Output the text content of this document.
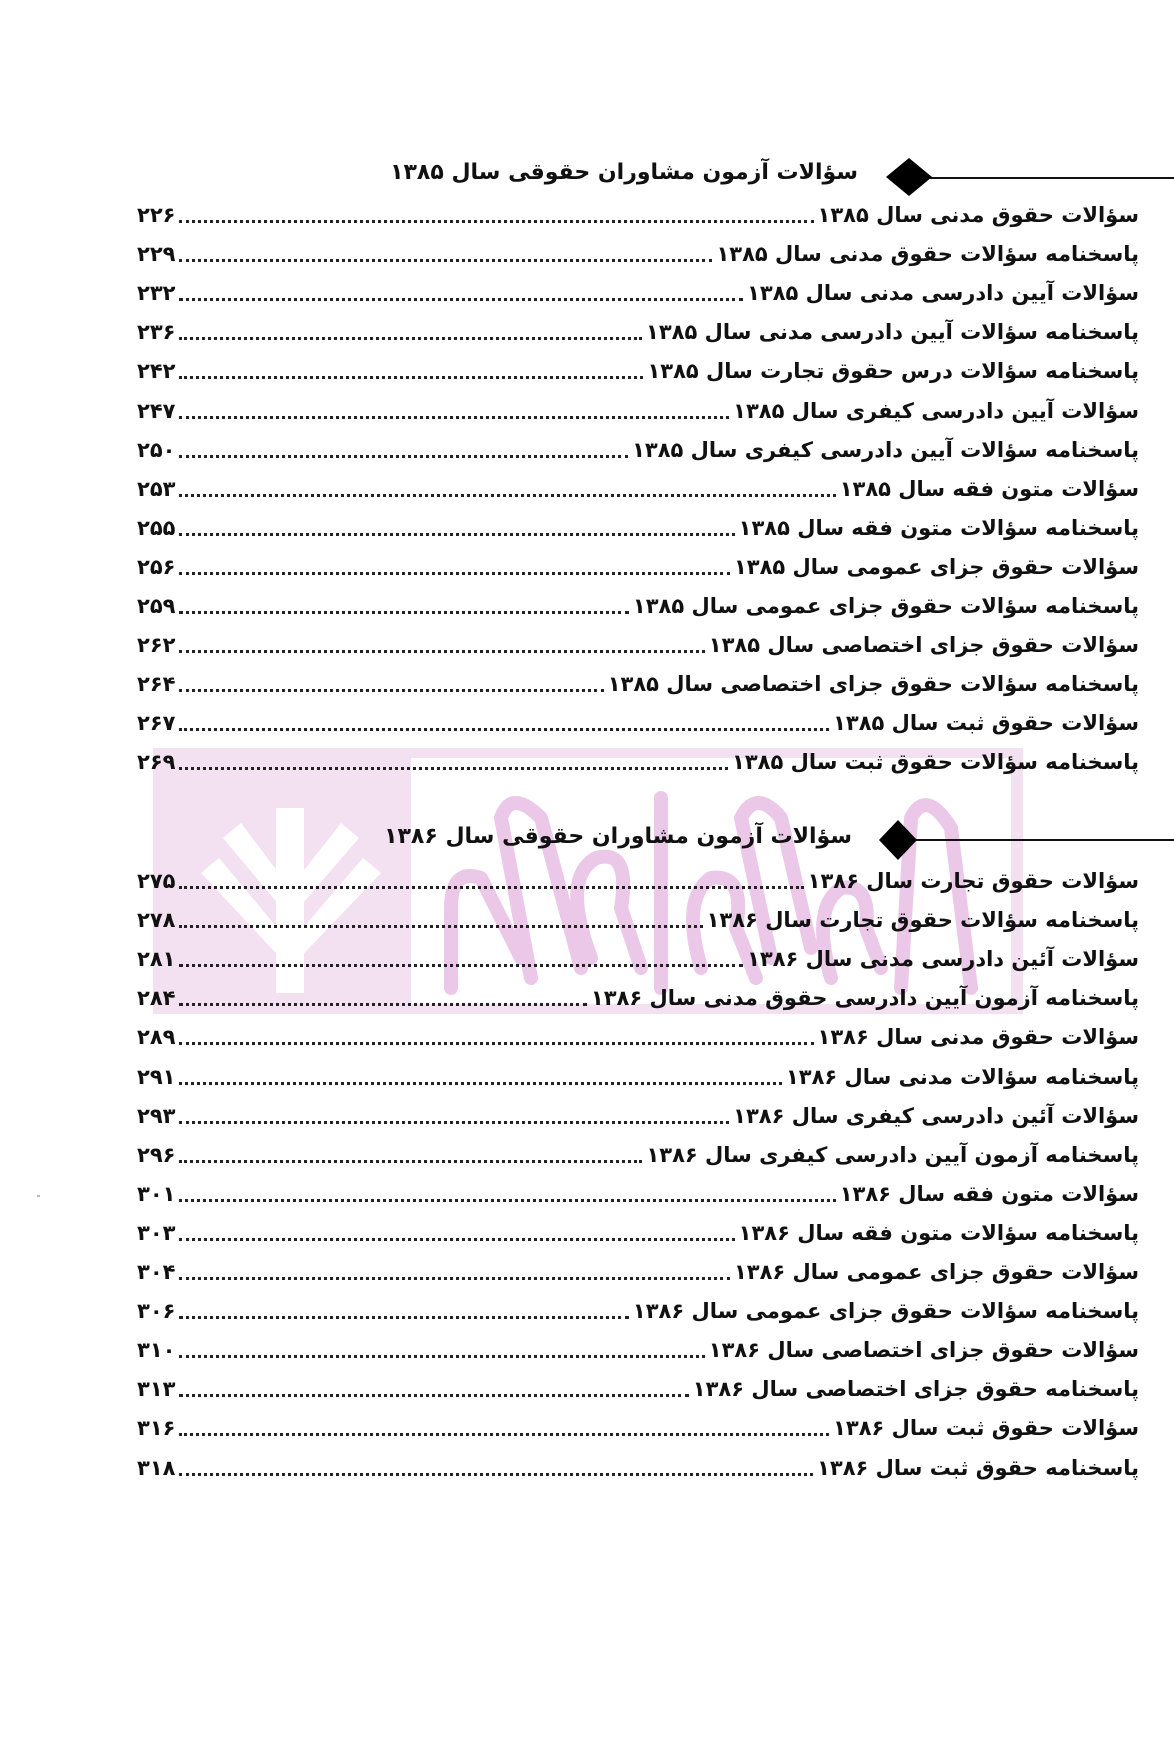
سؤالات آزمون مشاوران حقوقی سال ۱۳۸۵
سؤالات حقوق مدنی سال ۱۳۸۵
۲۲۶
پاسخنامه سؤالات حقوق مدنی سال ۱۳۸۵
۲۲۹
سؤالات آیین دادرسی مدنی سال ۱۳۸۵
۲۳۲
پاسخنامه سؤالات آیین دادرسی مدنی سال ۱۳۸۵
۲۳۶
پاسخنامه سؤالات درس حقوق تجارت سال ۱۳۸۵
۲۴۲
سؤالات آیین دادرسی کیفری سال ۱۳۸۵
۲۴۷
پاسخنامه سؤالات آیین دادرسی کیفری سال ۱۳۸۵
۲۵۰
سؤالات متون فقه سال ۱۳۸۵
۲۵۳
پاسخنامه سؤالات متون فقه سال ۱۳۸۵
۲۵۵
سؤالات حقوق جزای عمومی سال ۱۳۸۵
۲۵۶
پاسخنامه سؤالات حقوق جزای عمومی سال ۱۳۸۵
۲۵۹
سؤالات حقوق جزای اختصاصی سال ۱۳۸۵
۲۶۲
پاسخنامه سؤالات حقوق جزای اختصاصی سال ۱۳۸۵
۲۶۴
سؤالات حقوق ثبت سال ۱۳۸۵
۲۶۷
پاسخنامه سؤالات حقوق ثبت سال ۱۳۸۵
۲۶۹
سؤالات آزمون مشاوران حقوقی سال ۱۳۸۶
سؤالات حقوق تجارت سال ۱۳۸۶
۲۷۵
پاسخنامه سؤالات حقوق تجارت سال ۱۳۸۶
۲۷۸
سؤالات آئین دادرسی مدنی سال ۱۳۸۶
۲۸۱
پاسخنامه آزمون آیین دادرسی حقوق مدنی سال ۱۳۸۶
۲۸۴
سؤالات حقوق مدنی سال ۱۳۸۶
۲۸۹
پاسخنامه سؤالات مدنی سال ۱۳۸۶
۲۹۱
سؤالات آئین دادرسی کیفری سال ۱۳۸۶
۲۹۳
پاسخنامه آزمون آیین دادرسی کیفری سال ۱۳۸۶
۲۹۶
سؤالات متون فقه سال ۱۳۸۶
۳۰۱
پاسخنامه سؤالات متون فقه سال ۱۳۸۶
۳۰۳
سؤالات حقوق جزای عمومی سال ۱۳۸۶
۳۰۴
پاسخنامه سؤالات حقوق جزای عمومی سال ۱۳۸۶
۳۰۶
سؤالات حقوق جزای اختصاصی سال ۱۳۸۶
۳۱۰
پاسخنامه حقوق جزای اختصاصی سال ۱۳۸۶
۳۱۳
سؤالات حقوق ثبت سال ۱۳۸۶
۳۱۶
پاسخنامه حقوق ثبت سال ۱۳۸۶
۳۱۸
